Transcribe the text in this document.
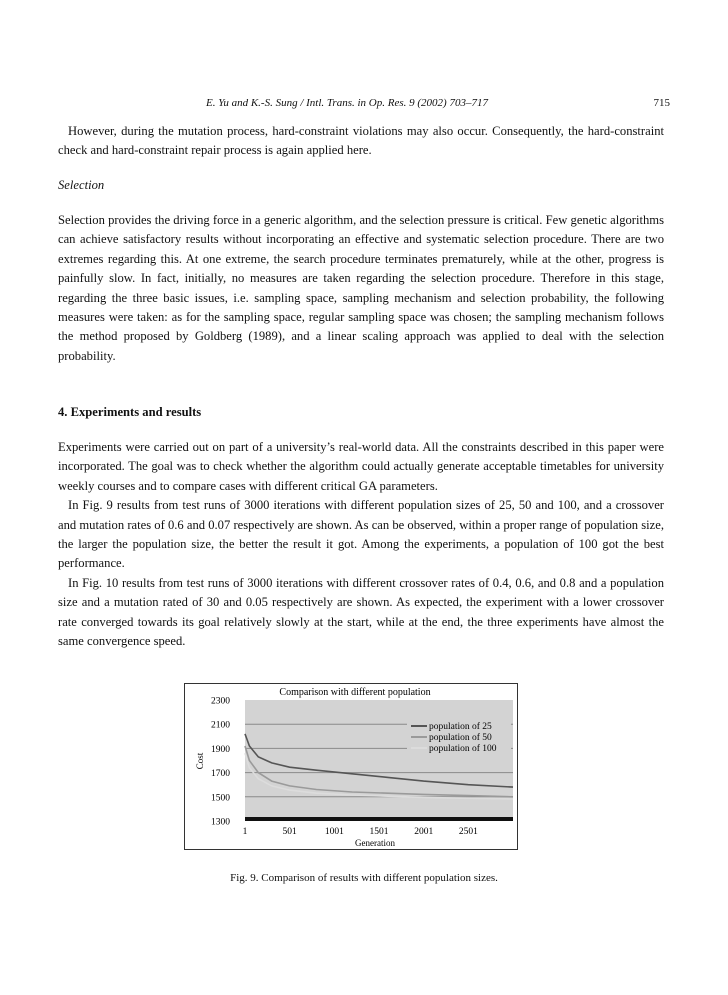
E. Yu and K.-S. Sung / Intl. Trans. in Op. Res. 9 (2002) 703–717	715
However, during the mutation process, hard-constraint violations may also occur. Consequently, the hard-constraint check and hard-constraint repair process is again applied here.
Selection
Selection provides the driving force in a generic algorithm, and the selection pressure is critical. Few genetic algorithms can achieve satisfactory results without incorporating an effective and systematic selection procedure. There are two extremes regarding this. At one extreme, the search procedure terminates prematurely, while at the other, progress is painfully slow. In fact, initially, no measures are taken regarding the selection procedure. Therefore in this stage, regarding the three basic issues, i.e. sampling space, sampling mechanism and selection probability, the following measures were taken: as for the sampling space, regular sampling space was chosen; the sampling mechanism follows the method proposed by Goldberg (1989), and a linear scaling approach was applied to deal with the selection probability.
4. Experiments and results
Experiments were carried out on part of a university’s real-world data. All the constraints described in this paper were incorporated. The goal was to check whether the algorithm could actually generate acceptable timetables for university weekly courses and to compare cases with different critical GA parameters.
In Fig. 9 results from test runs of 3000 iterations with different population sizes of 25, 50 and 100, and a crossover and mutation rates of 0.6 and 0.07 respectively are shown. As can be observed, within a proper range of population size, the larger the population size, the better the result it got. Among the experiments, a population of 100 got the best performance.
In Fig. 10 results from test runs of 3000 iterations with different crossover rates of 0.4, 0.6, and 0.8 and a population size and a mutation rated of 30 and 0.05 respectively are shown. As expected, the experiment with a lower crossover rate converged towards its goal relatively slowly at the start, while at the end, the three experiments have almost the same convergence speed.
Comparison with different population
2300
2100
1900
1700
1500
1300
1	501	1001	1501	2001	2501
Cost
Generation
population of 25
population of 50
population of 100
Fig. 9. Comparison of results with different population sizes.
